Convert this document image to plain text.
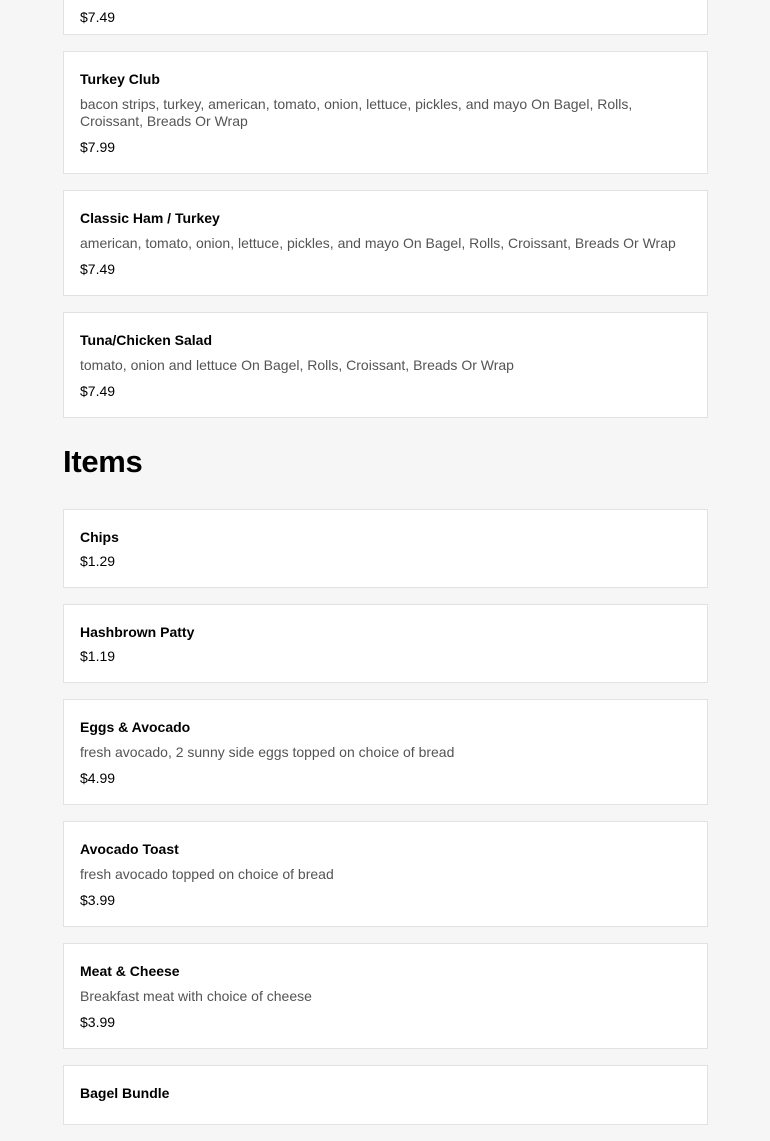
$7.49
Turkey Club
bacon strips, turkey, american, tomato, onion, lettuce, pickles, and mayo On Bagel, Rolls, Croissant, Breads Or Wrap
$7.99
Classic Ham / Turkey
american, tomato, onion, lettuce, pickles, and mayo On Bagel, Rolls, Croissant, Breads Or Wrap
$7.49
Tuna/Chicken Salad
tomato, onion and lettuce On Bagel, Rolls, Croissant, Breads Or Wrap
$7.49
Items
Chips
$1.29
Hashbrown Patty
$1.19
Eggs & Avocado
fresh avocado, 2 sunny side eggs topped on choice of bread
$4.99
Avocado Toast
fresh avocado topped on choice of bread
$3.99
Meat & Cheese
Breakfast meat with choice of cheese
$3.99
Bagel Bundle
